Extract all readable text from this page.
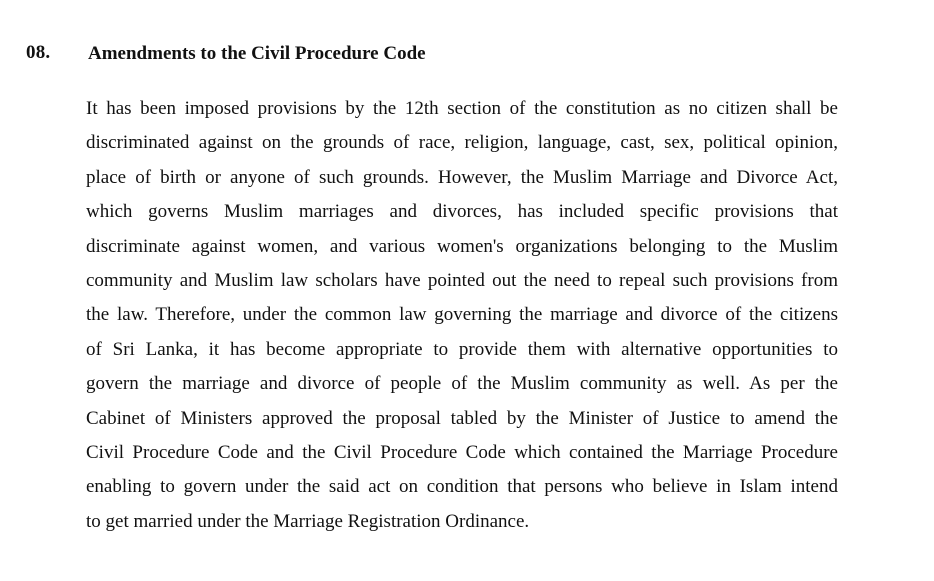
08. Amendments to the Civil Procedure Code
It has been imposed provisions by the 12th section of the constitution as no citizen shall be
discriminated against on the grounds of race, religion, language, cast, sex, political opinion,
place of birth or anyone of such grounds. However, the Muslim Marriage and Divorce Act,
which governs Muslim marriages and divorces, has included specific provisions that
discriminate against women, and various women's organizations belonging to the Muslim
community and Muslim law scholars have pointed out the need to repeal such provisions from
the law. Therefore, under the common law governing the marriage and divorce of the citizens
of Sri Lanka, it has become appropriate to provide them with alternative opportunities to
govern the marriage and divorce of people of the Muslim community as well. As per the
Cabinet of Ministers approved the proposal tabled by the Minister of Justice to amend the
Civil Procedure Code and the Civil Procedure Code which contained the Marriage Procedure
enabling to govern under the said act on condition that persons who believe in Islam intend
to get married under the Marriage Registration Ordinance.
